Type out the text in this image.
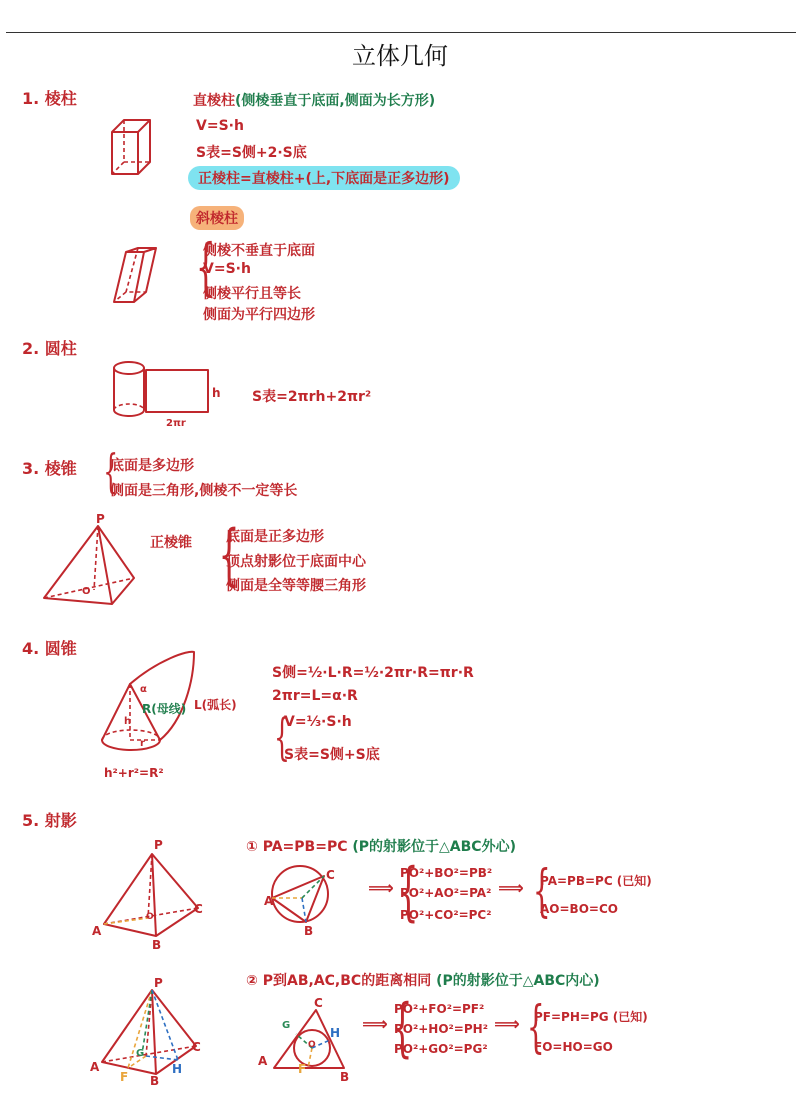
立体几何
1. 棱柱	直棱柱(侧棱垂直于底面,侧面为长方形)
V=S·h
S表=S侧+2·S底
正棱柱=直棱柱+(上,下底面是正多边形)
斜棱柱
{
侧棱不垂直于底面
V=S·h
侧棱平行且等长
侧面为平行四边形
2. 圆柱
h
2πr
S表=2πrh+2πr²
3. 棱锥 {
底面是多边形
侧面是三角形,侧棱不一定等长
P
O
正棱锥 {
底面是正多边形
顶点射影位于底面中心
侧面是全等等腰三角形
4. 圆锥
α
R(母线) L(弧长)
h
r
h²+r²=R²
S侧=½·L·R=½·2πr·R=πr·R
2πr=L=α·R
{
V=⅓·S·h
S表=S侧+S底
5. 射影
P
A
B
C
O
① PA=PB=PC (P的射影位于△ABC外心)
A
C
B
⟹ {
PO²+BO²=PB²
PO²+AO²=PA²
PO²+CO²=PC²
⟹ {
PA=PB=PC (已知)
AO=BO=CO
P
A
B
C
F
G
H
② P到AB,AC,BC的距离相同 (P的射影位于△ABC内心)
A
C
B
G
H
F
O
⟹ {
PO²+FO²=PF²
PO²+HO²=PH²
PO²+GO²=PG²
⟹ {
PF=PH=PG (已知)
FO=HO=GO
